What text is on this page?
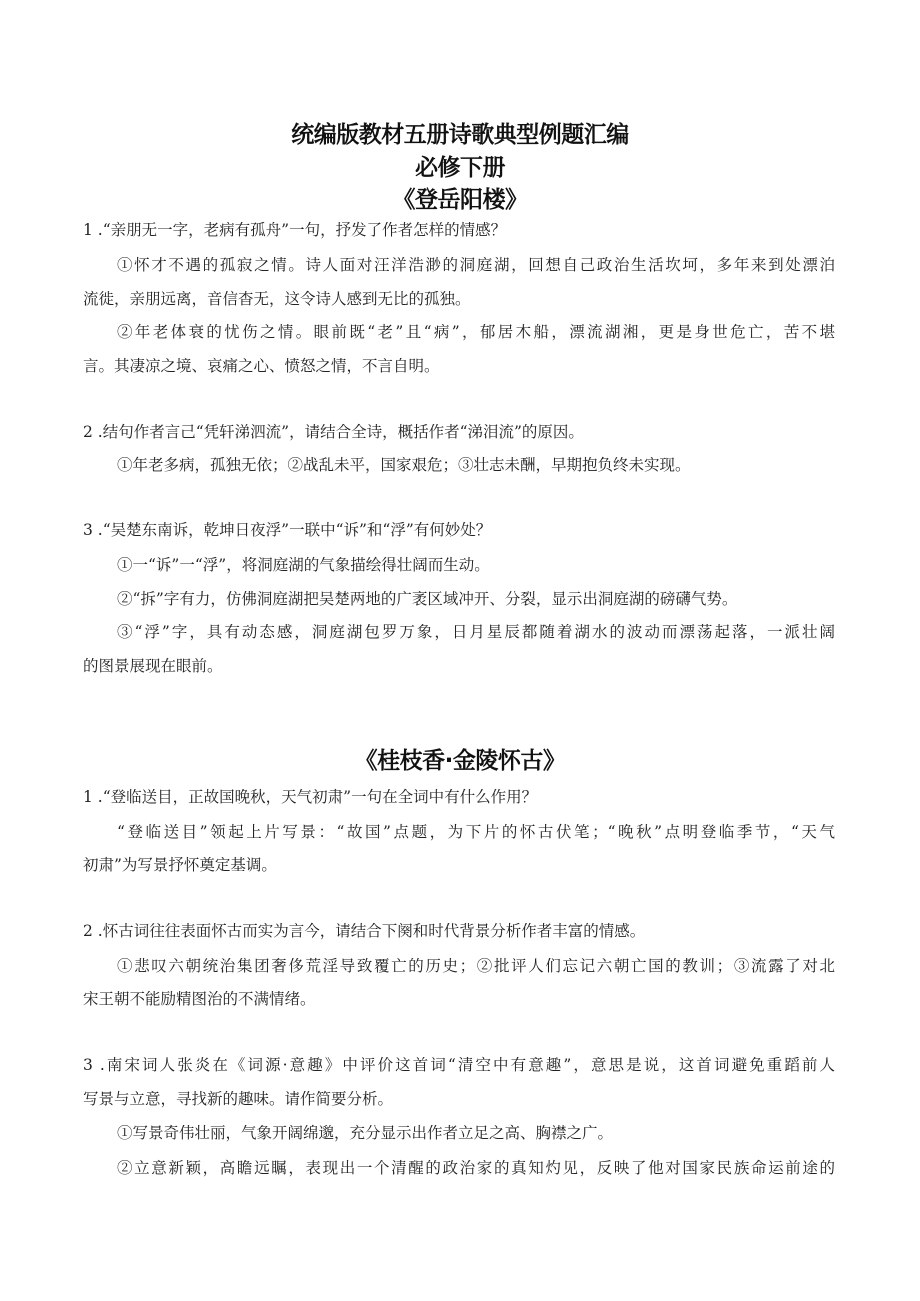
统编版教材五册诗歌典型例题汇编
必修下册
《登岳阳楼》
1 .“亲朋无一字，老病有孤舟”一句，抒发了作者怎样的情感？
①怀才不遇的孤寂之情。诗人面对汪洋浩渺的洞庭湖，回想自己政治生活坎坷，多年来到处漂泊
流徙，亲朋远离，音信杳无，这令诗人感到无比的孤独。
②年老体衰的忧伤之情。眼前既“老”且“病”，郁居木船，漂流湖湘，更是身世危亡，苦不堪
言。其凄凉之境、哀痛之心、愤怒之情，不言自明。
2 .结句作者言己“凭轩涕泗流”，请结合全诗，概括作者“涕泪流”的原因。
①年老多病，孤独无依；②战乱未平，国家艰危；③壮志未酬，早期抱负终未实现。
3 .“吴楚东南诉，乾坤日夜浮”一联中“诉”和“浮”有何妙处？
①一“诉”一“浮”，将洞庭湖的气象描绘得壮阔而生动。
②“拆”字有力，仿佛洞庭湖把吴楚两地的广袤区域冲开、分裂，显示出洞庭湖的磅礴气势。
③“浮”字，具有动态感，洞庭湖包罗万象，日月星辰都随着湖水的波动而漂荡起落，一派壮阔
的图景展现在眼前。
《桂枝香·金陵怀古》
1 .“登临送目，正故国晚秋，天气初肃”一句在全词中有什么作用？
“登临送目”领起上片写景：“故国”点题，为下片的怀古伏笔；“晚秋”点明登临季节，“天气
初肃”为写景抒怀奠定基调。
2 .怀古词往往表面怀古而实为言今，请结合下阕和时代背景分析作者丰富的情感。
①悲叹六朝统治集团奢侈荒淫导致覆亡的历史；②批评人们忘记六朝亡国的教训；③流露了对北
宋王朝不能励精图治的不满情绪。
3 .南宋词人张炎在《词源·意趣》中评价这首词“清空中有意趣”，意思是说，这首词避免重蹈前人
写景与立意，寻找新的趣味。请作简要分析。
①写景奇伟壮丽，气象开阔绵邈，充分显示出作者立足之高、胸襟之广。
②立意新颖，高瞻远瞩，表现出一个清醒的政治家的真知灼见，反映了他对国家民族命运前途的
